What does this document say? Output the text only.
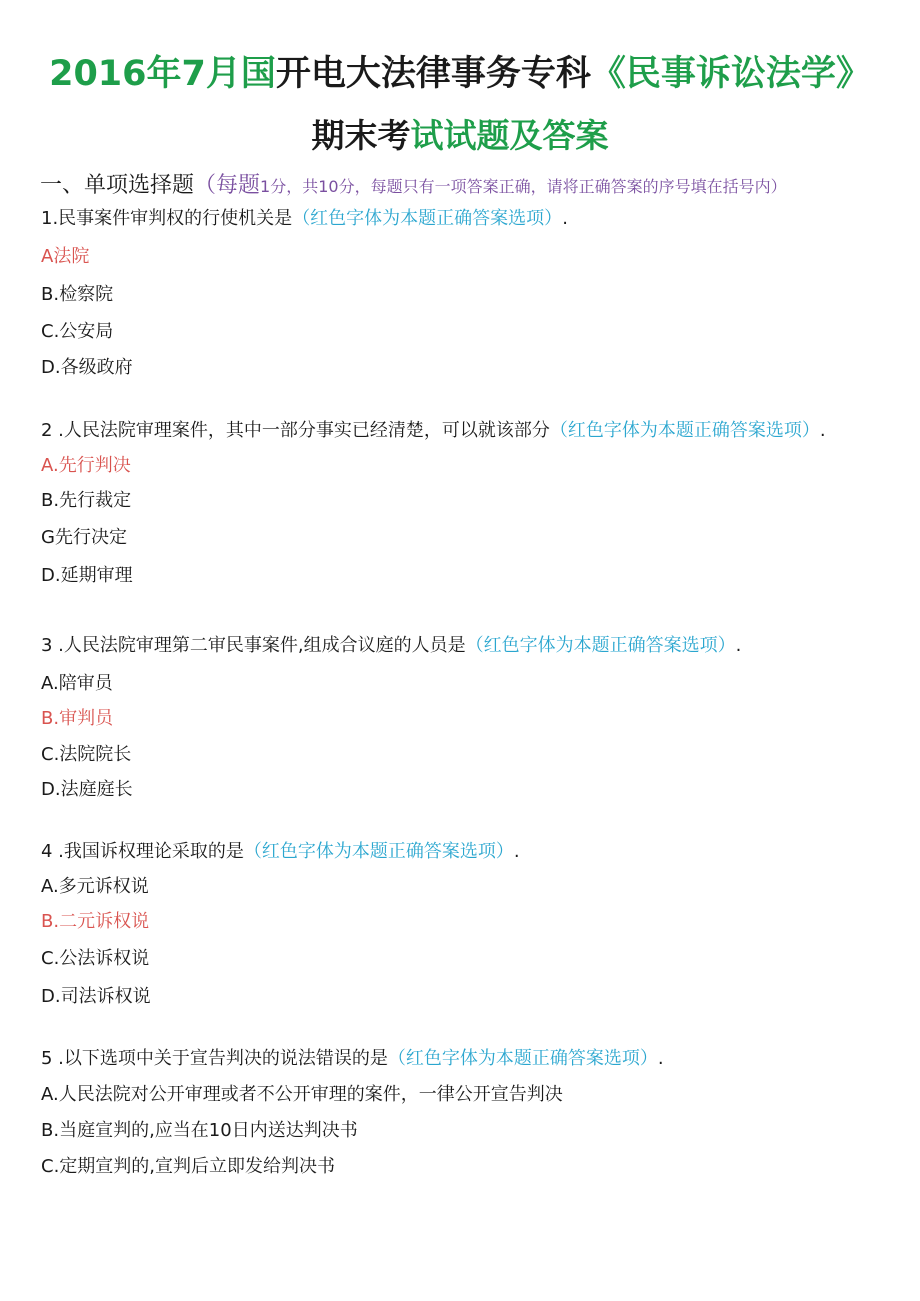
2016年7月国开电大法律事务专科《民事诉讼法学》
期末考试试题及答案
一、单项选择题（每题1分，共10分，每题只有一项答案正确，请将正确答案的序号填在括号内）
1.民事案件审判权的行使机关是（红色字体为本题正确答案选项）.
A法院
B.检察院
C.公安局
D.各级政府
2 .人民法院审理案件，其中一部分事实已经清楚，可以就该部分（红色字体为本题正确答案选项）.
A.先行判决
B.先行裁定
G先行决定
D.延期审理
3 .人民法院审理第二审民事案件,组成合议庭的人员是（红色字体为本题正确答案选项）.
A.陪审员
B.审判员
C.法院院长
D.法庭庭长
4 .我国诉权理论采取的是（红色字体为本题正确答案选项）.
A.多元诉权说
B.二元诉权说
C.公法诉权说
D.司法诉权说
5 .以下选项中关于宣告判决的说法错误的是（红色字体为本题正确答案选项）.
A.人民法院对公开审理或者不公开审理的案件，一律公开宣告判决
B.当庭宣判的,应当在10日内送达判决书
C.定期宣判的,宣判后立即发给判决书
